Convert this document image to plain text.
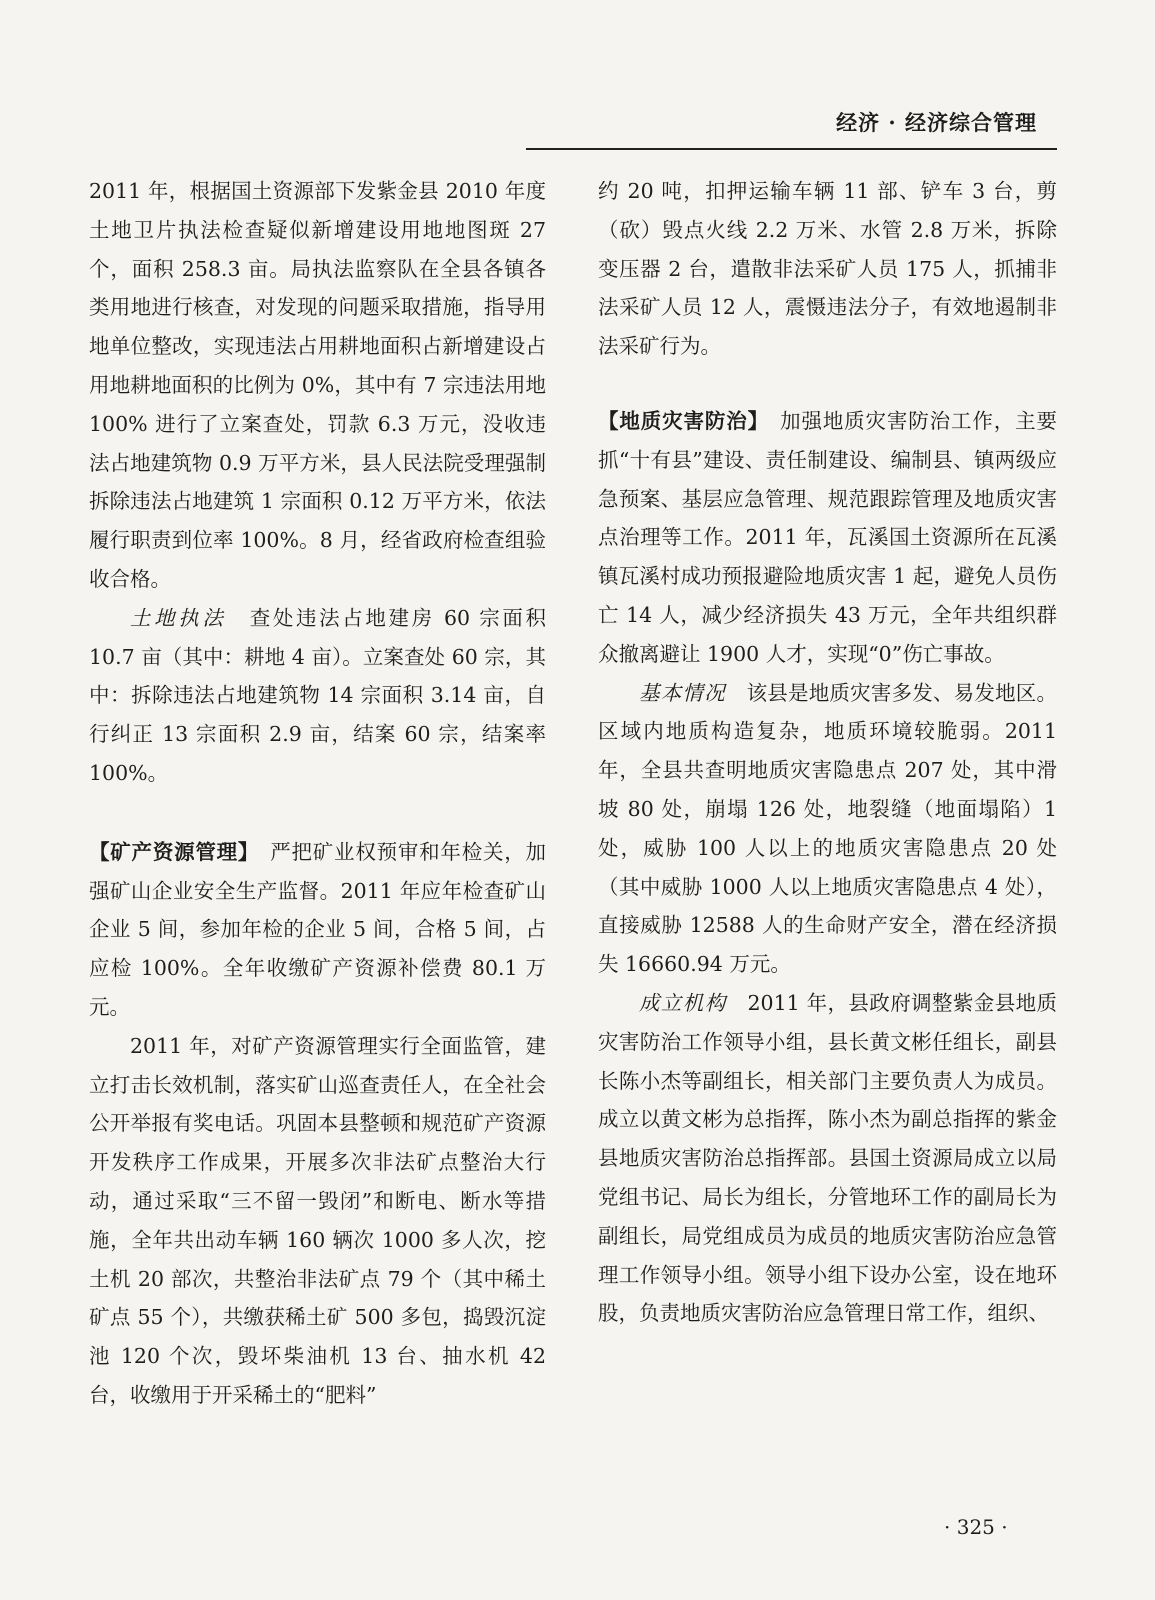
经济 · 经济综合管理

2011 年，根据国土资源部下发紫金县 2010 年度土地卫片执法检查疑似新增建设用地地图斑 27 个，面积 258.3 亩。局执法监察队在全县各镇各类用地进行核查，对发现的问题采取措施，指导用地单位整改，实现违法占用耕地面积占新增建设占用地耕地面积的比例为 0%，其中有 7 宗违法用地 100% 进行了立案查处，罚款 6.3 万元，没收违法占地建筑物 0.9 万平方米，县人民法院受理强制拆除违法占地建筑 1 宗面积 0.12 万平方米，依法履行职责到位率 100%。8 月，经省政府检查组验收合格。

土地执法　 查处违法占地建房 60 宗面积 10.7 亩（其中：耕地 4 亩）。立案查处 60 宗，其中：拆除违法占地建筑物 14 宗面积 3.14 亩，自行纠正 13 宗面积 2.9 亩，结案 60 宗，结案率 100%。

【矿产资源管理】　 严把矿业权预审和年检关，加强矿山企业安全生产监督。2011 年应年检查矿山企业 5 间，参加年检的企业 5 间，合格 5 间，占应检 100%。全年收缴矿产资源补偿费 80.1 万元。

2011 年，对矿产资源管理实行全面监管，建立打击长效机制，落实矿山巡查责任人，在全社会公开举报有奖电话。巩固本县整顿和规范矿产资源开发秩序工作成果，开展多次非法矿点整治大行动，通过采取“三不留一毁闭”和断电、断水等措施，全年共出动车辆 160 辆次 1000 多人次，挖土机 20 部次，共整治非法矿点 79 个（其中稀土矿点 55 个），共缴获稀土矿 500 多包，捣毁沉淀池 120 个次，毁坏柴油机 13 台、抽水机 42 台，收缴用于开采稀土的“肥料”

约 20 吨，扣押运输车辆 11 部、铲车 3 台，剪（砍）毁点火线 2.2 万米、水管 2.8 万米，拆除变压器 2 台，遣散非法采矿人员 175 人，抓捕非法采矿人员 12 人，震慑违法分子，有效地遏制非法采矿行为。

【地质灾害防治】　 加强地质灾害防治工作，主要抓“十有县”建设、责任制建设、编制县、镇两级应急预案、基层应急管理、规范跟踪管理及地质灾害点治理等工作。2011 年，瓦溪国土资源所在瓦溪镇瓦溪村成功预报避险地质灾害 1 起，避免人员伤亡 14 人，减少经济损失 43 万元，全年共组织群众撤离避让 1900 人才，实现“0”伤亡事故。

基本情况　 该县是地质灾害多发、易发地区。区域内地质构造复杂，地质环境较脆弱。2011 年，全县共查明地质灾害隐患点 207 处，其中滑坡 80 处，崩塌 126 处，地裂缝（地面塌陷）1 处，威胁 100 人以上的地质灾害隐患点 20 处（其中威胁 1000 人以上地质灾害隐患点 4 处），直接威胁 12588 人的生命财产安全，潜在经济损失 16660.94 万元。

成立机构　 2011 年，县政府调整紫金县地质灾害防治工作领导小组，县长黄文彬任组长，副县长陈小杰等副组长，相关部门主要负责人为成员。成立以黄文彬为总指挥，陈小杰为副总指挥的紫金县地质灾害防治总指挥部。县国土资源局成立以局党组书记、局长为组长，分管地环工作的副局长为副组长，局党组成员为成员的地质灾害防治应急管理工作领导小组。领导小组下设办公室，设在地环股，负责地质灾害防治应急管理日常工作，组织、

· 325 ·
